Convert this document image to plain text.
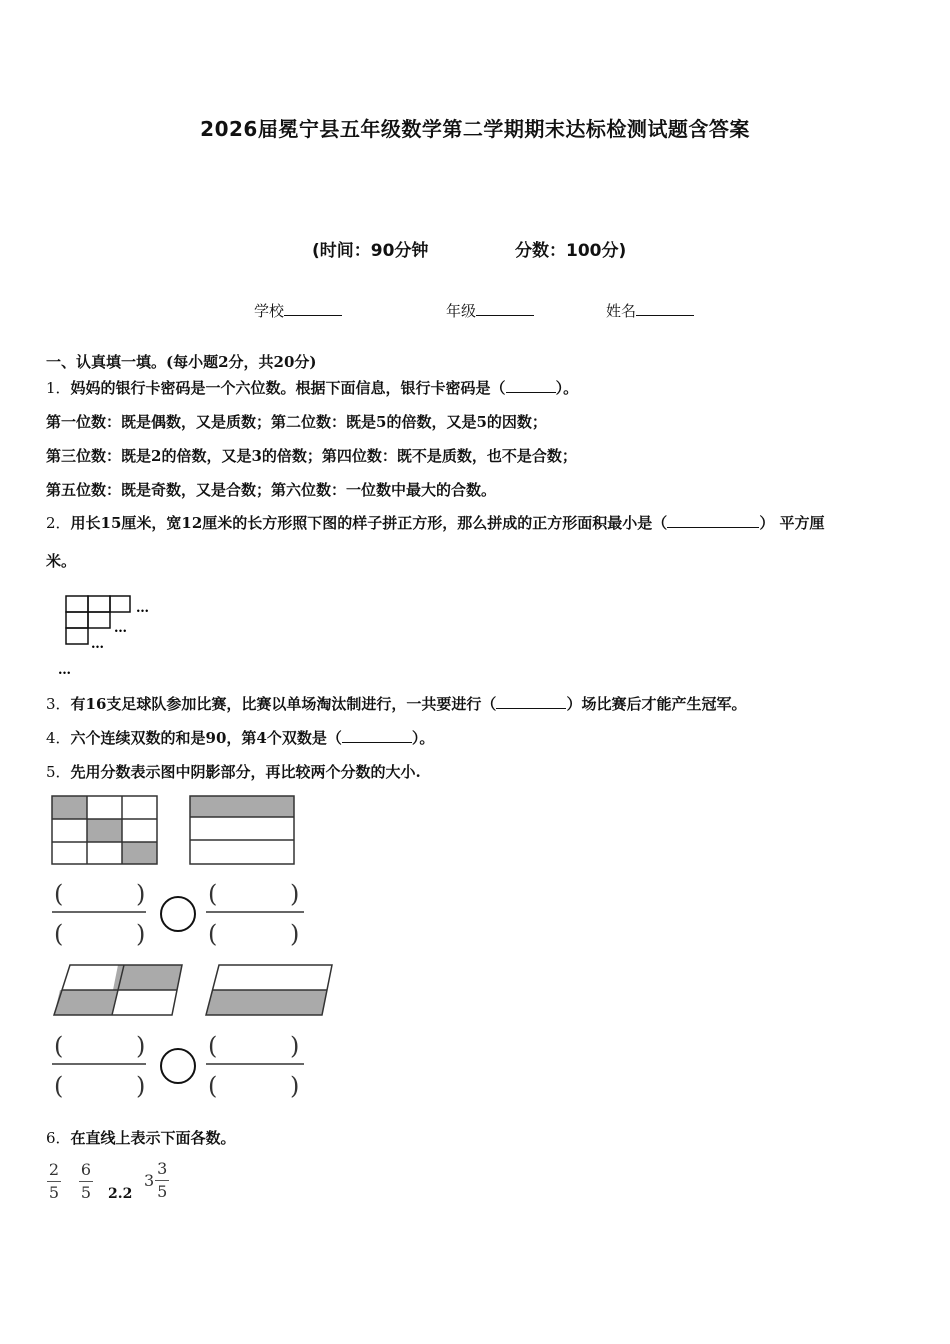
2026届冕宁县五年级数学第二学期期末达标检测试题含答案
(时间：90分钟	分数：100分)
学校	年级	姓名
一、认真填一填。(每小题2分，共20分)
1．妈妈的银行卡密码是一个六位数。根据下面信息，银行卡密码是（	）。
第一位数：既是偶数，又是质数；第二位数：既是5的倍数，又是5的因数；
第三位数：既是2的倍数，又是3的倍数；第四位数：既不是质数，也不是合数；
第五位数：既是奇数，又是合数；第六位数：一位数中最大的合数。
2．用长15厘米，宽12厘米的长方形照下图的样子拼正方形，那么拼成的正方形面积最小是（	） 平方厘
米。
…
…
…
…
3．有16支足球队参加比赛，比赛以单场淘汰制进行，一共要进行（	）场比赛后才能产生冠军。
4．六个连续双数的和是90，第4个双数是（	）。
5．先用分数表示图中阴影部分，再比较两个分数的大小.
(	)
(	)
(	)
(	)
(	)
(	)
(	)
(	)
6．在直线上表示下面各数。
$\frac{2}{5} \frac{6}{5} 2.2$
$3 \frac{3}{5}$
